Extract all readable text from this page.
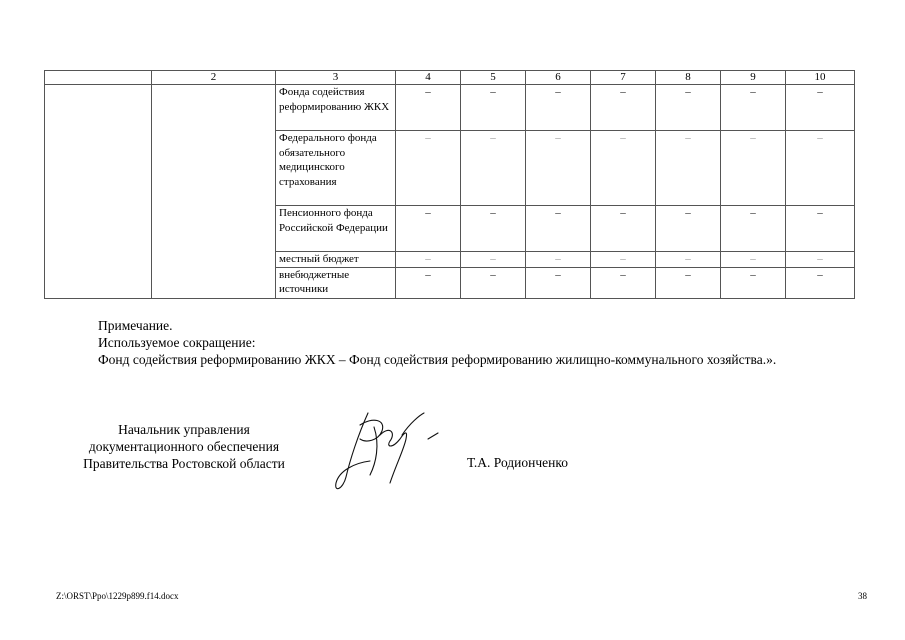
	2	3	4	5	6	7	8	9	10
		Фонда содействия реформированию ЖКХ	–	–	–	–	–	–	–
		Федерального фонда обязательного медицинского страхования	–	–	–	–	–	–	–
		Пенсионного фонда Российской Федерации	–	–	–	–	–	–	–
		местный бюджет	–	–	–	–	–	–	–
		внебюджетные источники	–	–	–	–	–	–	–
Примечание.
Используемое сокращение:
Фонд содействия реформированию ЖКХ – Фонд содействия реформированию жилищно-коммунального хозяйства.».
Начальник управления
документационного обеспечения
Правительства Ростовской области	Т.А. Родионченко
Z:\ORST\Ppo\1229p899.f14.docx	38
